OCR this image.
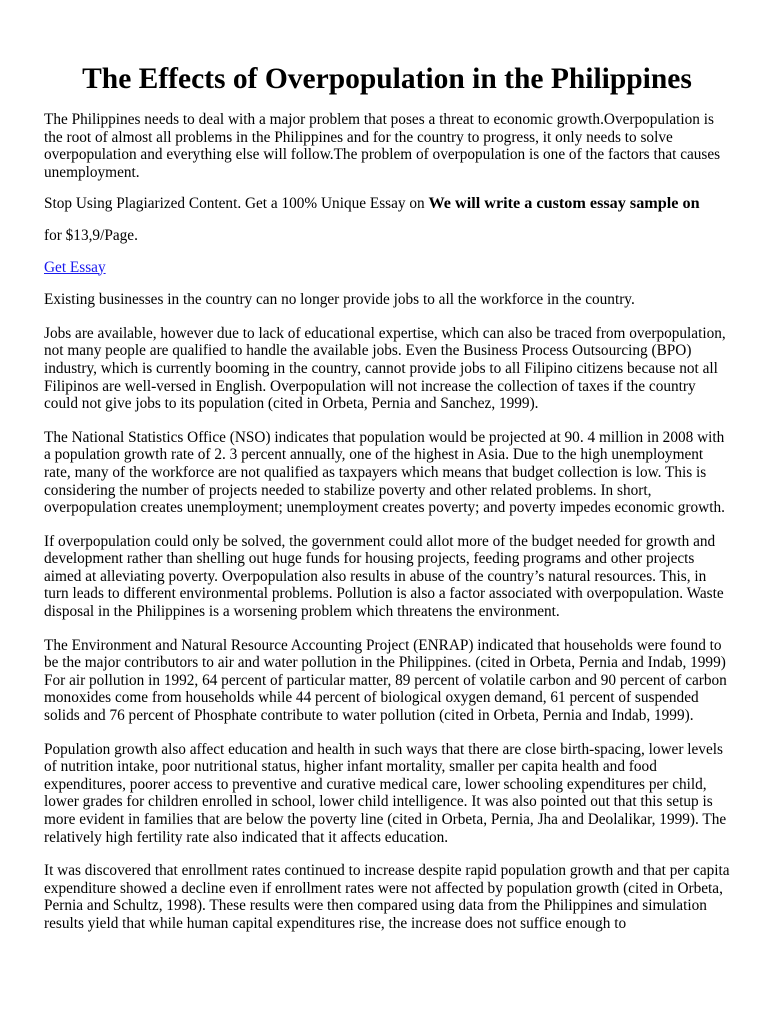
The Effects of Overpopulation in the Philippines

The Philippines needs to deal with a major problem that poses a threat to economic growth.Overpopulation is the root of almost all problems in the Philippines and for the country to progress, it only needs to solve overpopulation and everything else will follow.The problem of overpopulation is one of the factors that causes unemployment.

Stop Using Plagiarized Content. Get a 100% Unique Essay on We will write a custom essay sample on

for $13,9/Page.

Get Essay

Existing businesses in the country can no longer provide jobs to all the workforce in the country.

Jobs are available, however due to lack of educational expertise, which can also be traced from overpopulation, not many people are qualified to handle the available jobs. Even the Business Process Outsourcing (BPO) industry, which is currently booming in the country, cannot provide jobs to all Filipino citizens because not all Filipinos are well-versed in English. Overpopulation will not increase the collection of taxes if the country could not give jobs to its population (cited in Orbeta, Pernia and Sanchez, 1999).

The National Statistics Office (NSO) indicates that population would be projected at 90. 4 million in 2008 with a population growth rate of 2. 3 percent annually, one of the highest in Asia. Due to the high unemployment rate, many of the workforce are not qualified as taxpayers which means that budget collection is low. This is considering the number of projects needed to stabilize poverty and other related problems. In short, overpopulation creates unemployment; unemployment creates poverty; and poverty impedes economic growth.

If overpopulation could only be solved, the government could allot more of the budget needed for growth and development rather than shelling out huge funds for housing projects, feeding programs and other projects aimed at alleviating poverty. Overpopulation also results in abuse of the country’s natural resources. This, in turn leads to different environmental problems. Pollution is also a factor associated with overpopulation. Waste disposal in the Philippines is a worsening problem which threatens the environment.

The Environment and Natural Resource Accounting Project (ENRAP) indicated that households were found to be the major contributors to air and water pollution in the Philippines. (cited in Orbeta, Pernia and Indab, 1999) For air pollution in 1992, 64 percent of particular matter, 89 percent of volatile carbon and 90 percent of carbon monoxides come from households while 44 percent of biological oxygen demand, 61 percent of suspended solids and 76 percent of Phosphate contribute to water pollution (cited in Orbeta, Pernia and Indab, 1999).

Population growth also affect education and health in such ways that there are close birth-spacing, lower levels of nutrition intake, poor nutritional status, higher infant mortality, smaller per capita health and food expenditures, poorer access to preventive and curative medical care, lower schooling expenditures per child, lower grades for children enrolled in school, lower child intelligence. It was also pointed out that this setup is more evident in families that are below the poverty line (cited in Orbeta, Pernia, Jha and Deolalikar, 1999). The relatively high fertility rate also indicated that it affects education.

It was discovered that enrollment rates continued to increase despite rapid population growth and that per capita expenditure showed a decline even if enrollment rates were not affected by population growth (cited in Orbeta, Pernia and Schultz, 1998). These results were then compared using data from the Philippines and simulation results yield that while human capital expenditures rise, the increase does not suffice enough to
